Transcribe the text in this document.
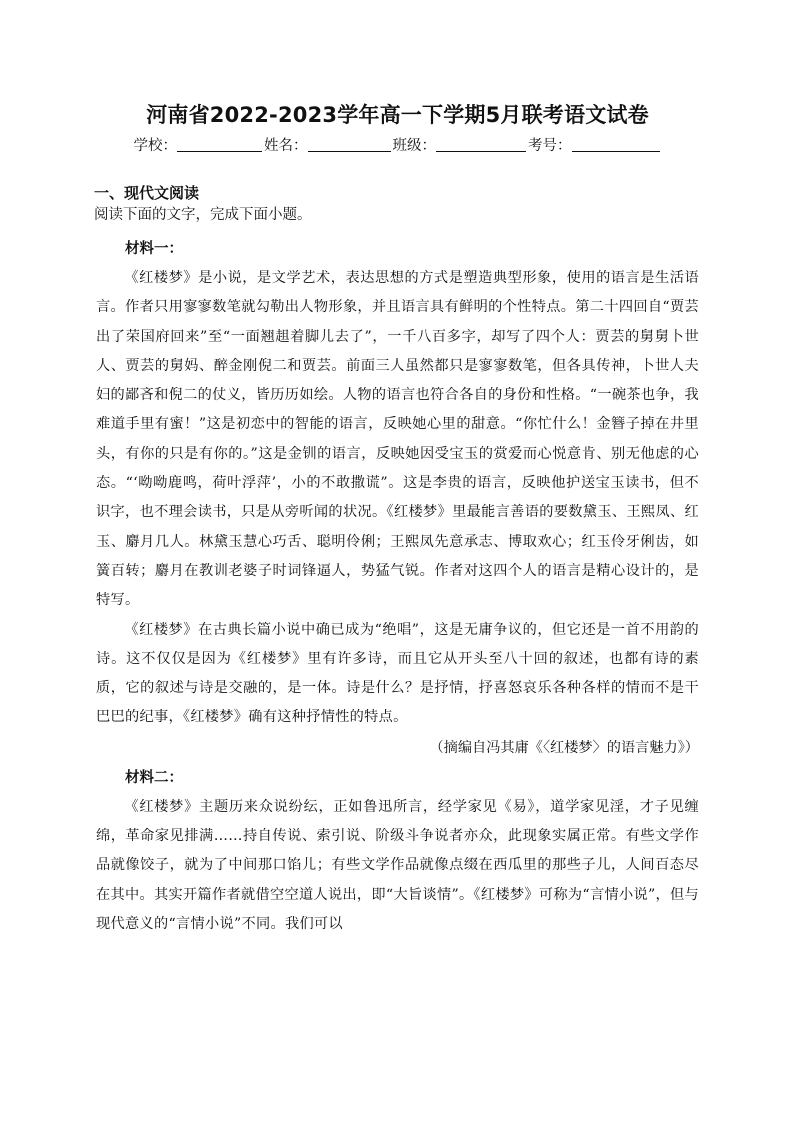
河南省2022-2023学年高一下学期5月联考语文试卷
学校：	姓名：	班级：	考号：
一、现代文阅读
阅读下面的文字，完成下面小题。
材料一：

《红楼梦》是小说，是文学艺术，表达思想的方式是塑造典型形象，使用的语言是生活语言。作者只用寥寥数笔就勾勒出人物形象，并且语言具有鲜明的个性特点。第二十四回自“贾芸出了荣国府回来”至“一面翘趄着脚儿去了”，一千八百多字，却写了四个人：贾芸的舅舅卜世人、贾芸的舅妈、醉金刚倪二和贾芸。前面三人虽然都只是寥寥数笔，但各具传神，卜世人夫妇的鄙吝和倪二的仗义，皆历历如绘。人物的语言也符合各自的身份和性格。“一碗茶也争，我难道手里有蜜！”这是初恋中的智能的语言，反映她心里的甜意。“你忙什么！金簪子掉在井里头，有你的只是有你的。”这是金钏的语言，反映她因受宝玉的赏爱而心悦意肯、别无他虑的心态。“‘呦呦鹿鸣，荷叶浮萍’，小的不敢撒谎”。这是李贵的语言，反映他护送宝玉读书，但不识字，也不理会读书，只是从旁听闻的状况。《红楼梦》里最能言善语的要数黛玉、王熙凤、红玉、麝月几人。林黛玉慧心巧舌、聪明伶俐；王熙凤先意承志、博取欢心；红玉伶牙俐齿，如簧百转；麝月在教训老婆子时词锋逼人，势猛气锐。作者对这四个人的语言是精心设计的，是特写。

《红楼梦》在古典长篇小说中确已成为“绝唱”，这是无庸争议的，但它还是一首不用韵的诗。这不仅仅是因为《红楼梦》里有许多诗，而且它从开头至八十回的叙述，也都有诗的素质，它的叙述与诗是交融的，是一体。诗是什么？是抒情，抒喜怒哀乐各种各样的情而不是干巴巴的纪事，《红楼梦》确有这种抒情性的特点。

（摘编自冯其庸《〈红楼梦〉的语言魅力》）

材料二：

《红楼梦》主题历来众说纷纭，正如鲁迅所言，经学家见《易》，道学家见淫，才子见缠绵，革命家见排满……持自传说、索引说、阶级斗争说者亦众，此现象实属正常。有些文学作品就像饺子，就为了中间那口馅儿；有些文学作品就像点缀在西瓜里的那些子儿，人间百态尽在其中。其实开篇作者就借空空道人说出，即“大旨谈情”。《红楼梦》可称为“言情小说”，但与现代意义的“言情小说”不同。我们可以
